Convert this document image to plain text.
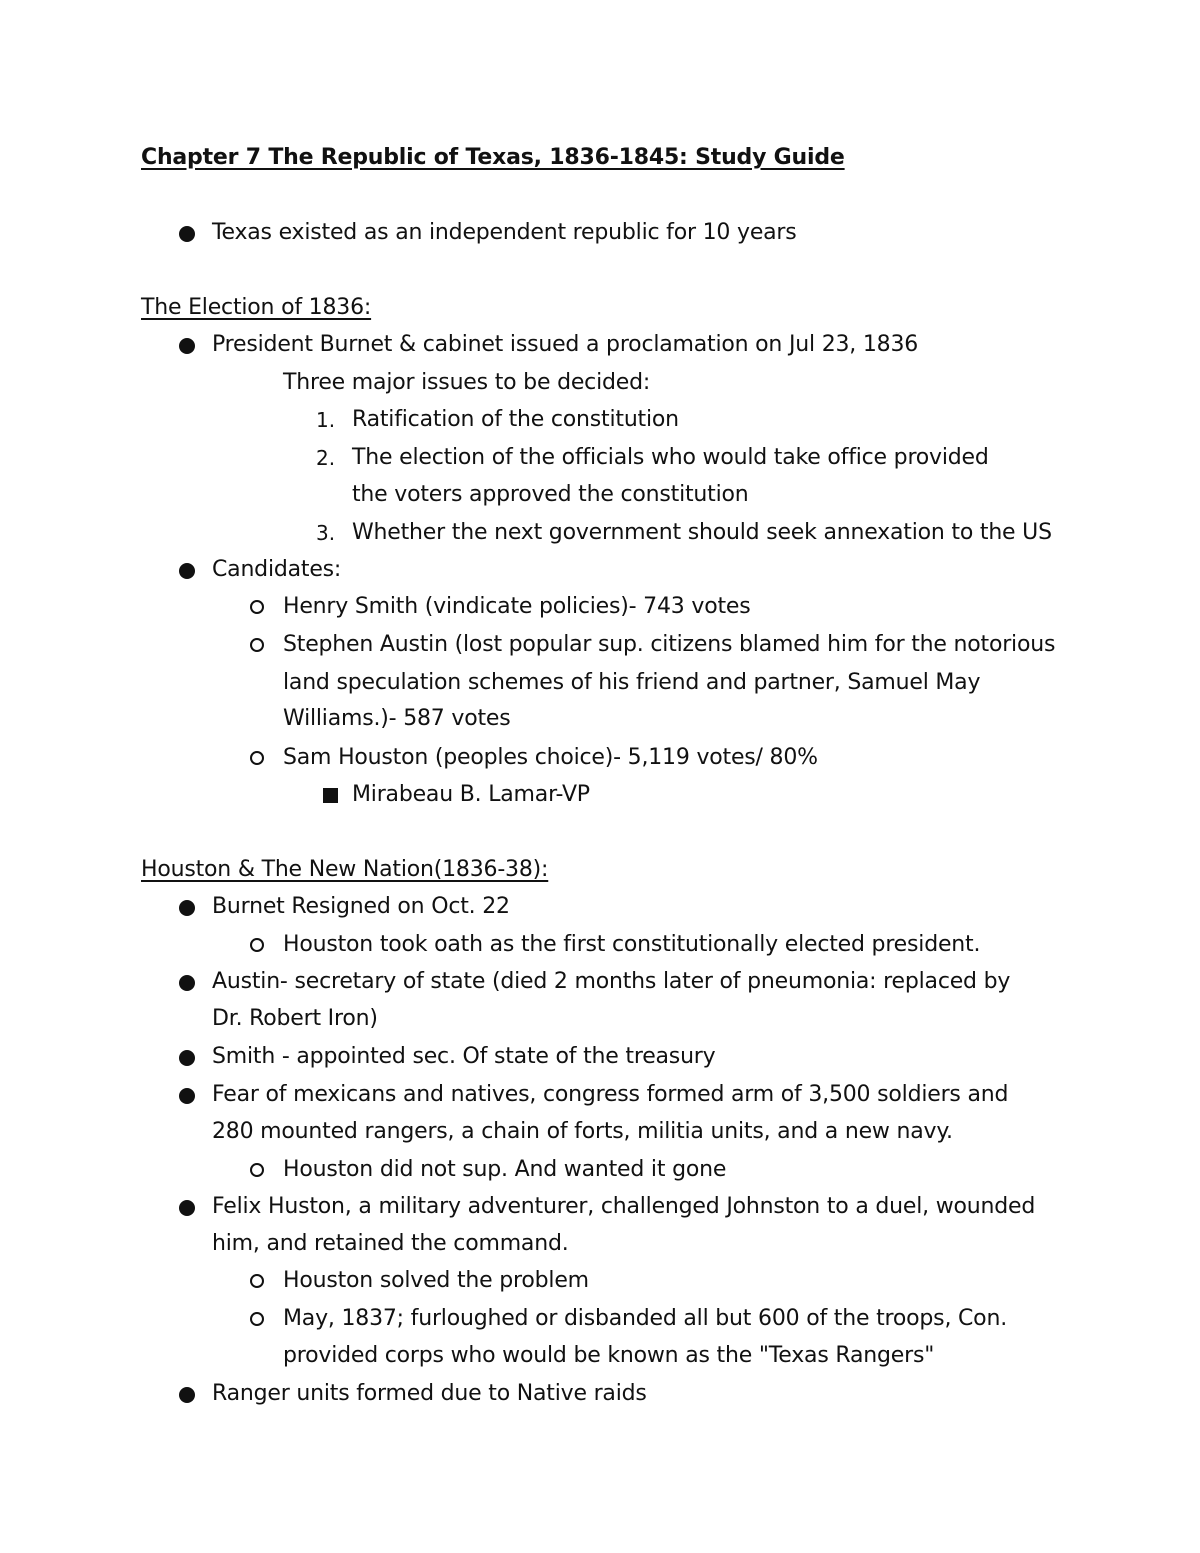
Chapter 7 The Republic of Texas, 1836-1845: Study Guide
Texas existed as an independent republic for 10 years
The Election of 1836:
President Burnet & cabinet issued a proclamation on Jul 23, 1836
Three major issues to be decided:
1. Ratification of the constitution
2. The election of the officials who would take office provided
the voters approved the constitution
3. Whether the next government should seek annexation to the US
Candidates:
Henry Smith (vindicate policies)- 743 votes
Stephen Austin (lost popular sup. citizens blamed him for the notorious
land speculation schemes of his friend and partner, Samuel May
Williams.)- 587 votes
Sam Houston (peoples choice)- 5,119 votes/ 80%
Mirabeau B. Lamar-VP
Houston & The New Nation(1836-38):
Burnet Resigned on Oct. 22
Houston took oath as the first constitutionally elected president.
Austin- secretary of state (died 2 months later of pneumonia: replaced by
Dr. Robert Iron)
Smith - appointed sec. Of state of the treasury
Fear of mexicans and natives, congress formed arm of 3,500 soldiers and
280 mounted rangers, a chain of forts, militia units, and a new navy.
Houston did not sup. And wanted it gone
Felix Huston, a military adventurer, challenged Johnston to a duel, wounded
him, and retained the command.
Houston solved the problem
May, 1837; furloughed or disbanded all but 600 of the troops, Con.
provided corps who would be known as the "Texas Rangers"
Ranger units formed due to Native raids
